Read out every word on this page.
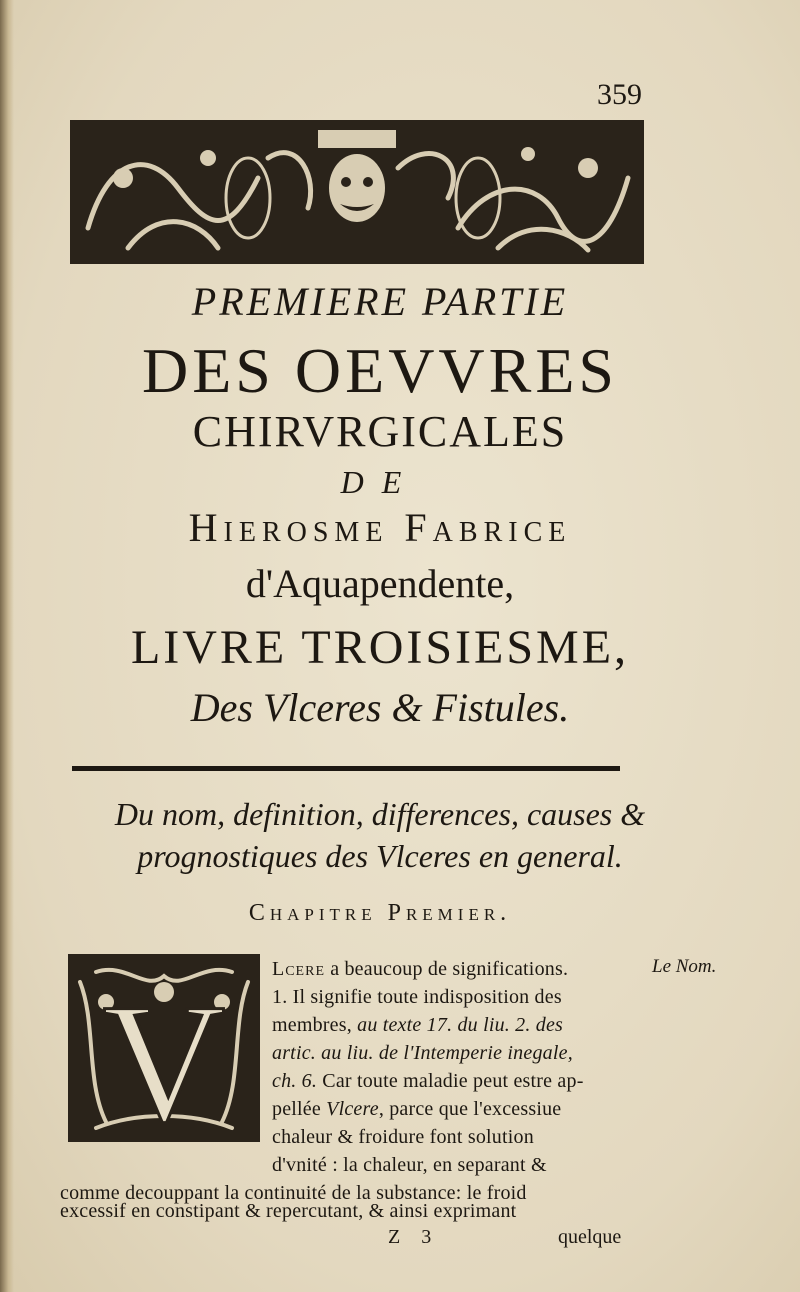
359
PREMIERE PARTIE
DES OEVVRES
CHIRVRGICALES
DE
Hierosme Fabrice
d'Aquapendente,
LIVRE TROISIESME,
Des Vlceres & Fistules.
Du nom, definition, differences, causes &
prognostiques des Vlceres en general.
Chapitre Premier.
V
Le Nom.
Lcere a beaucoup de significations.
1. Il signifie toute indisposition des
membres, au texte 17. du liu. 2. des
artic. au liu. de l'Intemperie inegale,
ch. 6. Car toute maladie peut estre ap-
pellée Vlcere, parce que l'excessiue
chaleur & froidure font solution
d'vnité : la chaleur, en separant &
comme decouppant la continuité de la substance: le froid
excessif en constipant & repercutant, & ainsi exprimant
Z 3	quelque
